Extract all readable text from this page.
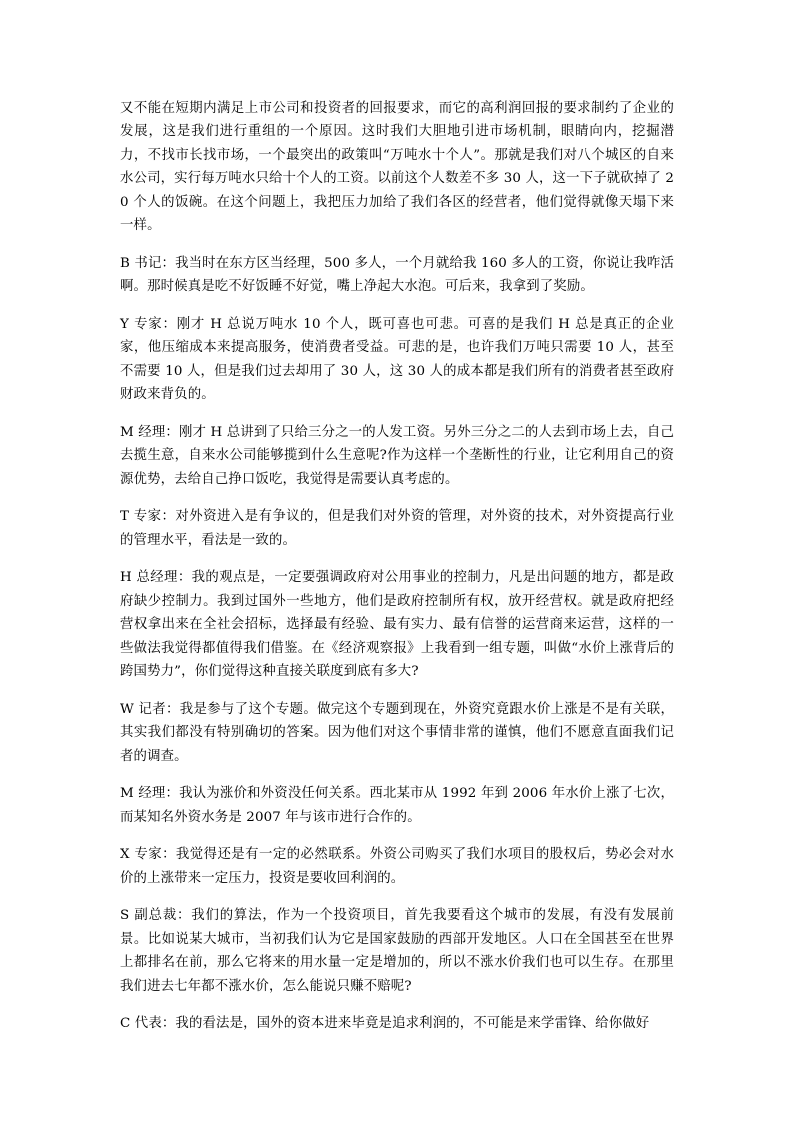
又不能在短期内满足上市公司和投资者的回报要求，而它的高利润回报的要求制约了企业的发展，这是我们进行重组的一个原因。这时我们大胆地引进市场机制，眼睛向内，挖掘潜力，不找市长找市场，一个最突出的政策叫“万吨水十个人”。那就是我们对八个城区的自来水公司，实行每万吨水只给十个人的工资。以前这个人数差不多 30 人，这一下子就砍掉了 20 个人的饭碗。在这个问题上，我把压力加给了我们各区的经营者，他们觉得就像天塌下来一样。

B 书记：我当时在东方区当经理，500 多人，一个月就给我 160 多人的工资，你说让我咋活啊。那时候真是吃不好饭睡不好觉，嘴上净起大水泡。可后来，我拿到了奖励。

Y 专家：刚才 H 总说万吨水 10 个人，既可喜也可悲。可喜的是我们 H 总是真正的企业家，他压缩成本来提高服务，使消费者受益。可悲的是，也许我们万吨只需要 10 人，甚至不需要 10 人，但是我们过去却用了 30 人，这 30 人的成本都是我们所有的消费者甚至政府财政来背负的。

M 经理：刚才 H 总讲到了只给三分之一的人发工资。另外三分之二的人去到市场上去，自己去揽生意，自来水公司能够揽到什么生意呢?作为这样一个垄断性的行业，让它利用自己的资源优势，去给自己挣口饭吃，我觉得是需要认真考虑的。

T 专家：对外资进入是有争议的，但是我们对外资的管理，对外资的技术，对外资提高行业的管理水平，看法是一致的。

H 总经理：我的观点是，一定要强调政府对公用事业的控制力，凡是出问题的地方，都是政府缺少控制力。我到过国外一些地方，他们是政府控制所有权，放开经营权。就是政府把经营权拿出来在全社会招标，选择最有经验、最有实力、最有信誉的运营商来运营，这样的一些做法我觉得都值得我们借鉴。在《经济观察报》上我看到一组专题，叫做“水价上涨背后的跨国势力”，你们觉得这种直接关联度到底有多大?

W 记者：我是参与了这个专题。做完这个专题到现在，外资究竟跟水价上涨是不是有关联，其实我们都没有特别确切的答案。因为他们对这个事情非常的谨慎，他们不愿意直面我们记者的调查。

M 经理：我认为涨价和外资没任何关系。西北某市从 1992 年到 2006 年水价上涨了七次，而某知名外资水务是 2007 年与该市进行合作的。

X 专家：我觉得还是有一定的必然联系。外资公司购买了我们水项目的股权后，势必会对水价的上涨带来一定压力，投资是要收回利润的。

S 副总裁：我们的算法，作为一个投资项目，首先我要看这个城市的发展，有没有发展前景。比如说某大城市，当初我们认为它是国家鼓励的西部开发地区。人口在全国甚至在世界上都排名在前，那么它将来的用水量一定是增加的，所以不涨水价我们也可以生存。在那里我们进去七年都不涨水价，怎么能说只赚不赔呢?

C 代表：我的看法是，国外的资本进来毕竟是追求利润的，不可能是来学雷锋、给你做好
